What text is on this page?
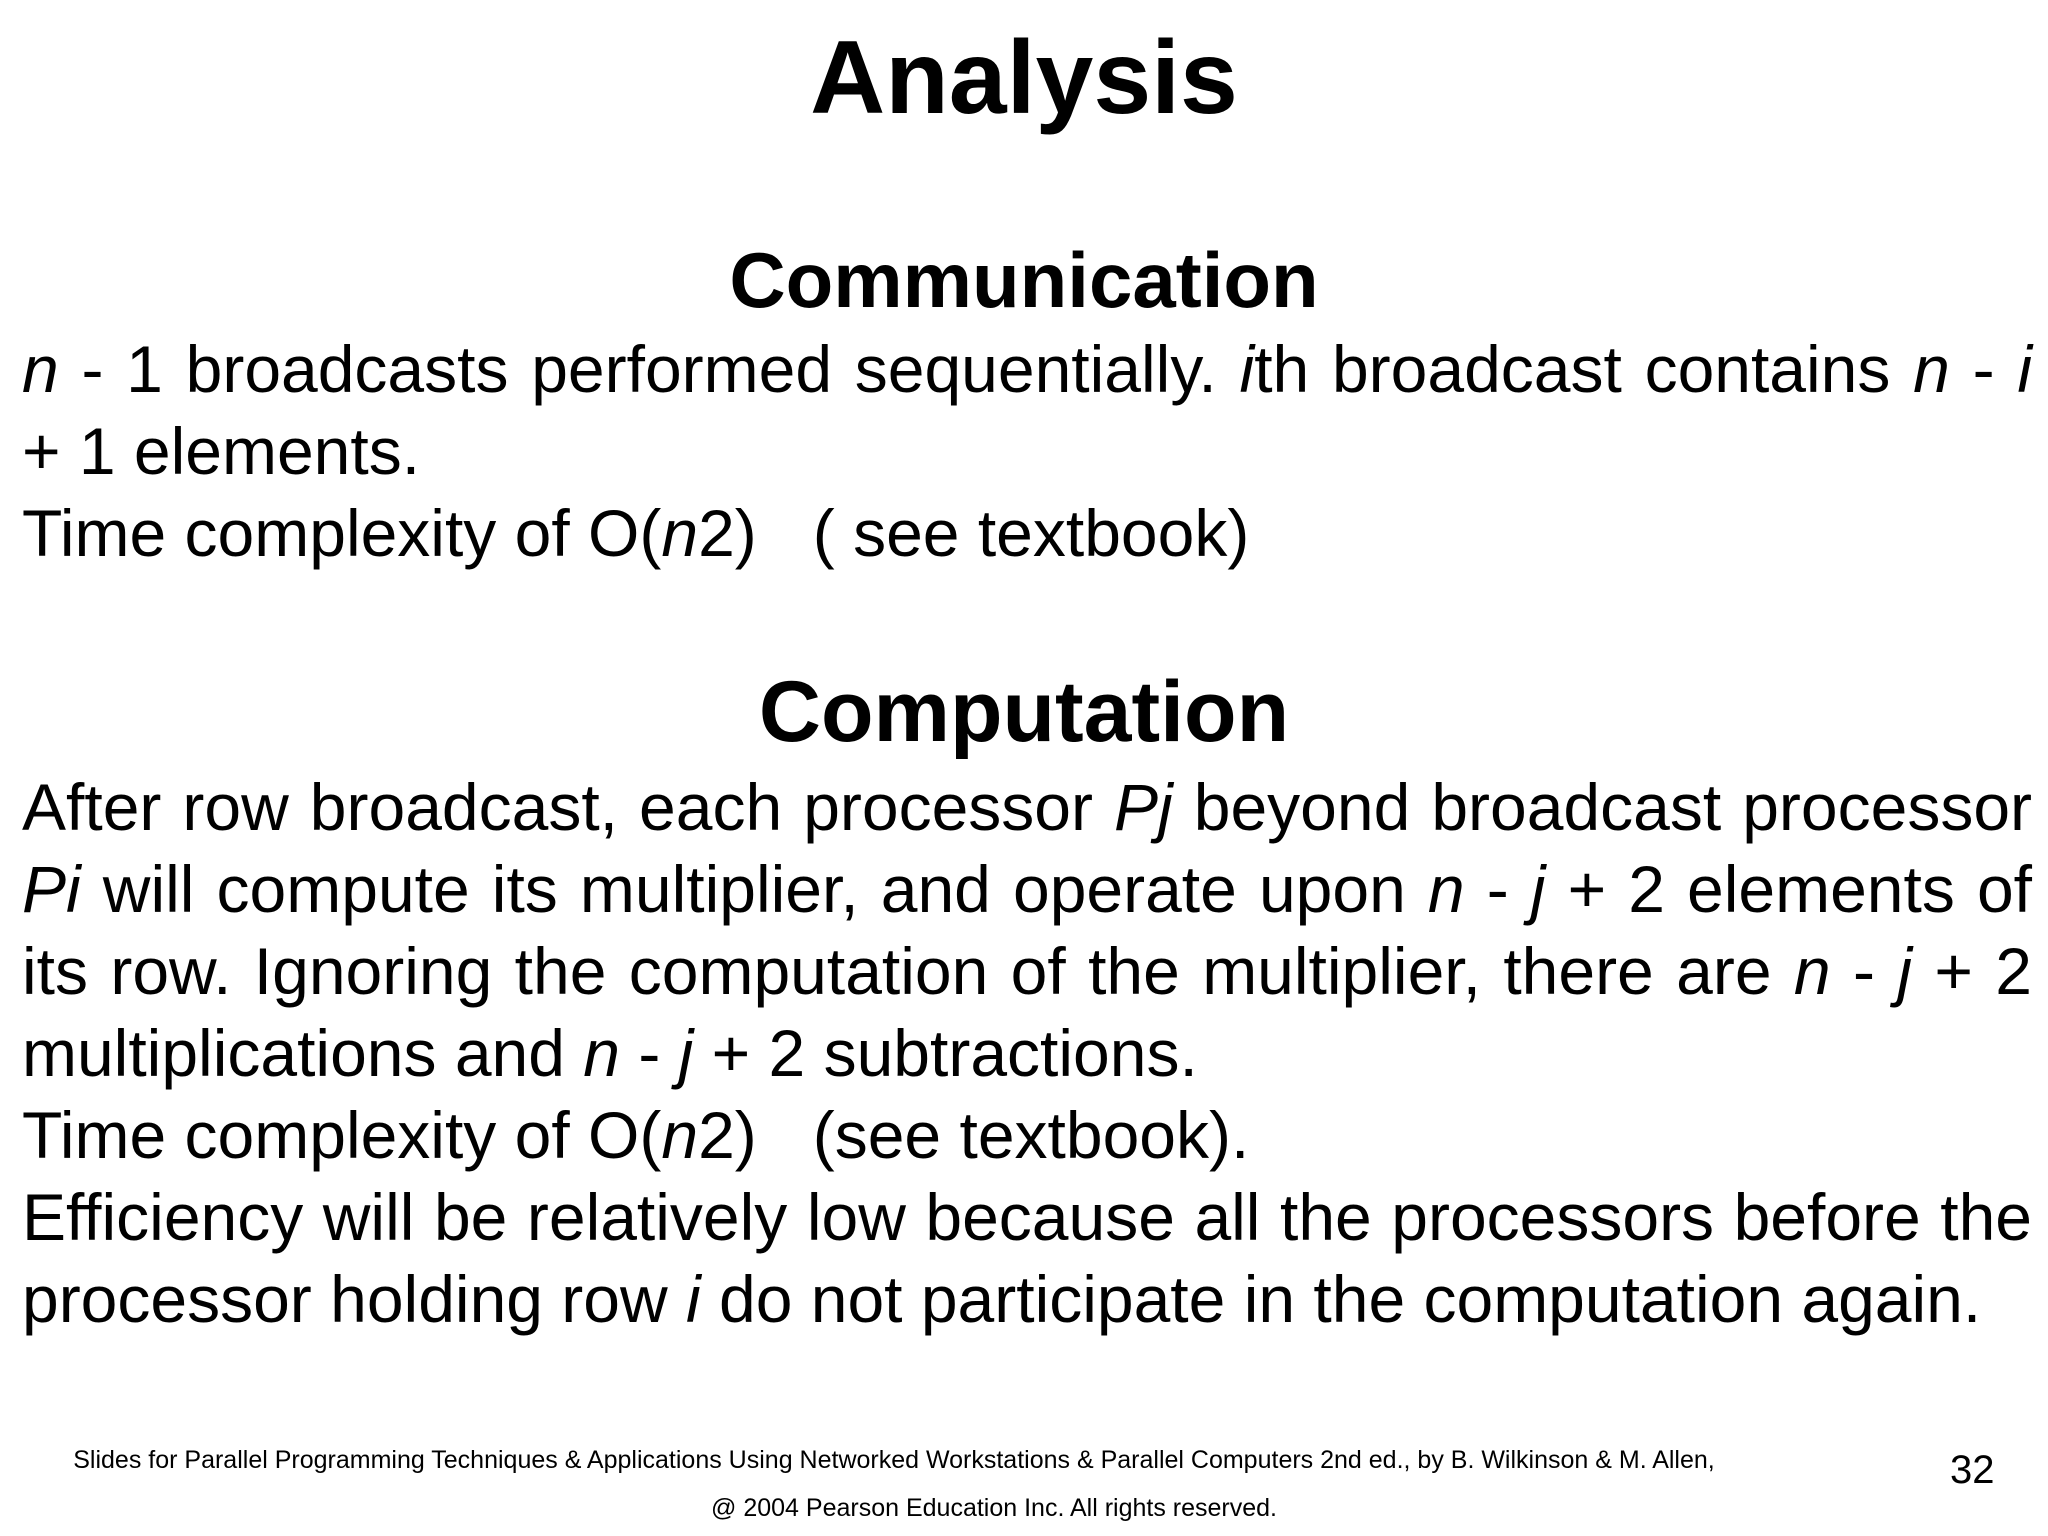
Analysis
Communication
n - 1 broadcasts performed sequentially. ith broadcast contains n - i + 1 elements.
Time complexity of O(n2) ( see textbook)
Computation
After row broadcast, each processor Pj beyond broadcast processor Pi will compute its multiplier, and operate upon n - j + 2 elements of its row. Ignoring the computation of the multiplier, there are n - j + 2 multiplications and n - j + 2 subtractions.
Time complexity of O(n2) (see textbook).
Efficiency will be relatively low because all the processors before the processor holding row i do not participate in the computation again.
Slides for Parallel Programming Techniques & Applications Using Networked Workstations & Parallel Computers 2nd ed., by B. Wilkinson & M. Allen,
@ 2004 Pearson Education Inc. All rights reserved.
32
